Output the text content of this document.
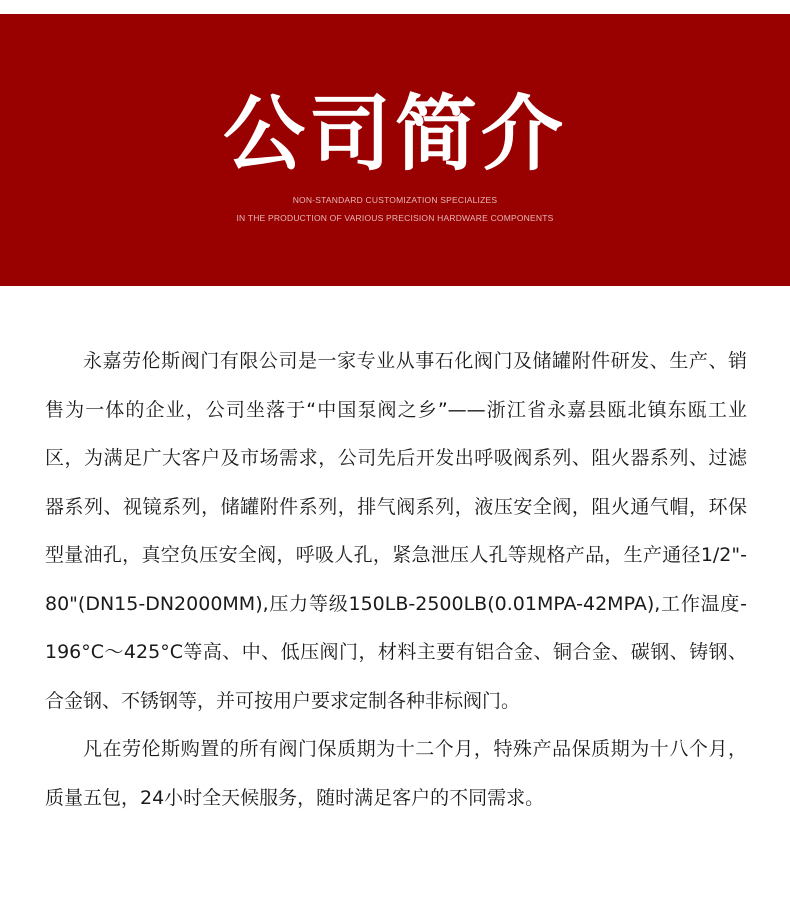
公司简介

NON-STANDARD CUSTOMIZATION SPECIALIZES

IN THE PRODUCTION OF VARIOUS PRECISION HARDWARE COMPONENTS

永嘉劳伦斯阀门有限公司是一家专业从事石化阀门及储罐附件研发、生产、销售为一体的企业，公司坐落于“中国泵阀之乡”——浙江省永嘉县瓯北镇东瓯工业区，为满足广大客户及市场需求，公司先后开发出呼吸阀系列、阻火器系列、过滤器系列、视镜系列，储罐附件系列，排气阀系列，液压安全阀，阻火通气帽，环保型量油孔，真空负压安全阀，呼吸人孔，紧急泄压人孔等规格产品，生产通径1/2"-80"(DN15-DN2000MM),压力等级150LB-2500LB(0.01MPA-42MPA),工作温度-196°C～425°C等高、中、低压阀门，材料主要有铝合金、铜合金、碳钢、铸钢、合金钢、不锈钢等，并可按用户要求定制各种非标阀门。

凡在劳伦斯购置的所有阀门保质期为十二个月，特殊产品保质期为十八个月，质量五包，24小时全天候服务，随时满足客户的不同需求。
